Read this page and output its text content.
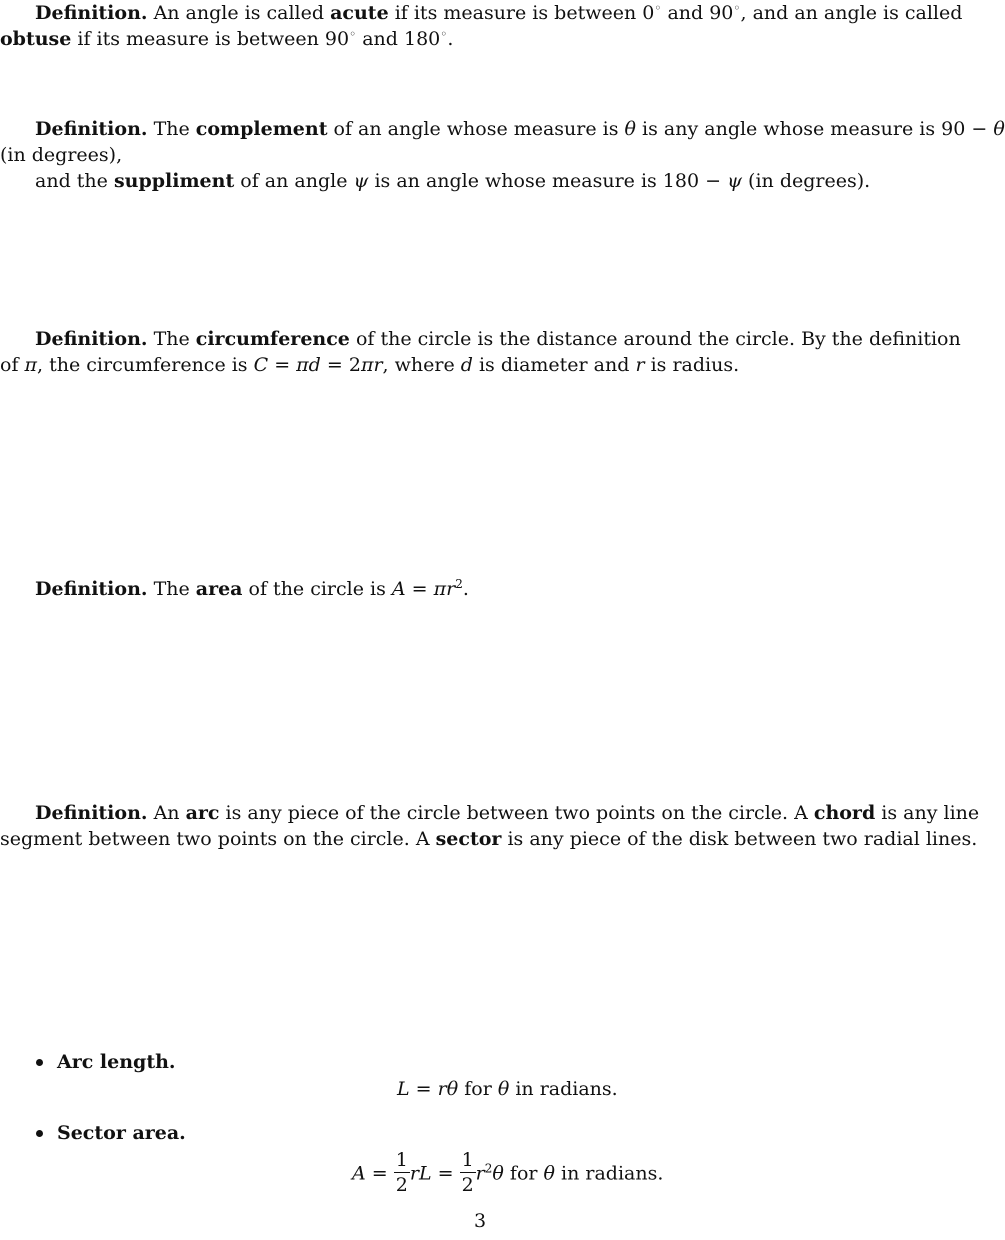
Definition. An angle is called acute if its measure is between 0◦ and 90◦, and an angle is called
obtuse if its measure is between 90◦ and 180◦.
Definition. The complement of an angle whose measure is θ is any angle whose measure is 90 − θ
(in degrees),
and the suppliment of an angle ψ is an angle whose measure is 180 − ψ (in degrees).
Definition. The circumference of the circle is the distance around the circle. By the definition
of π, the circumference is C = πd = 2πr, where d is diameter and r is radius.
Definition. The area of the circle is $A = \pi r^2$.
Definition. An arc is any piece of the circle between two points on the circle. A chord is any line
segment between two points on the circle. A sector is any piece of the disk between two radial lines.
Arc length.
L = rθ for θ in radians.
Sector area.
$A = \frac{1}{2}$ rL = $\frac{1}{2} r^2\theta$ for θ in radians.
3
